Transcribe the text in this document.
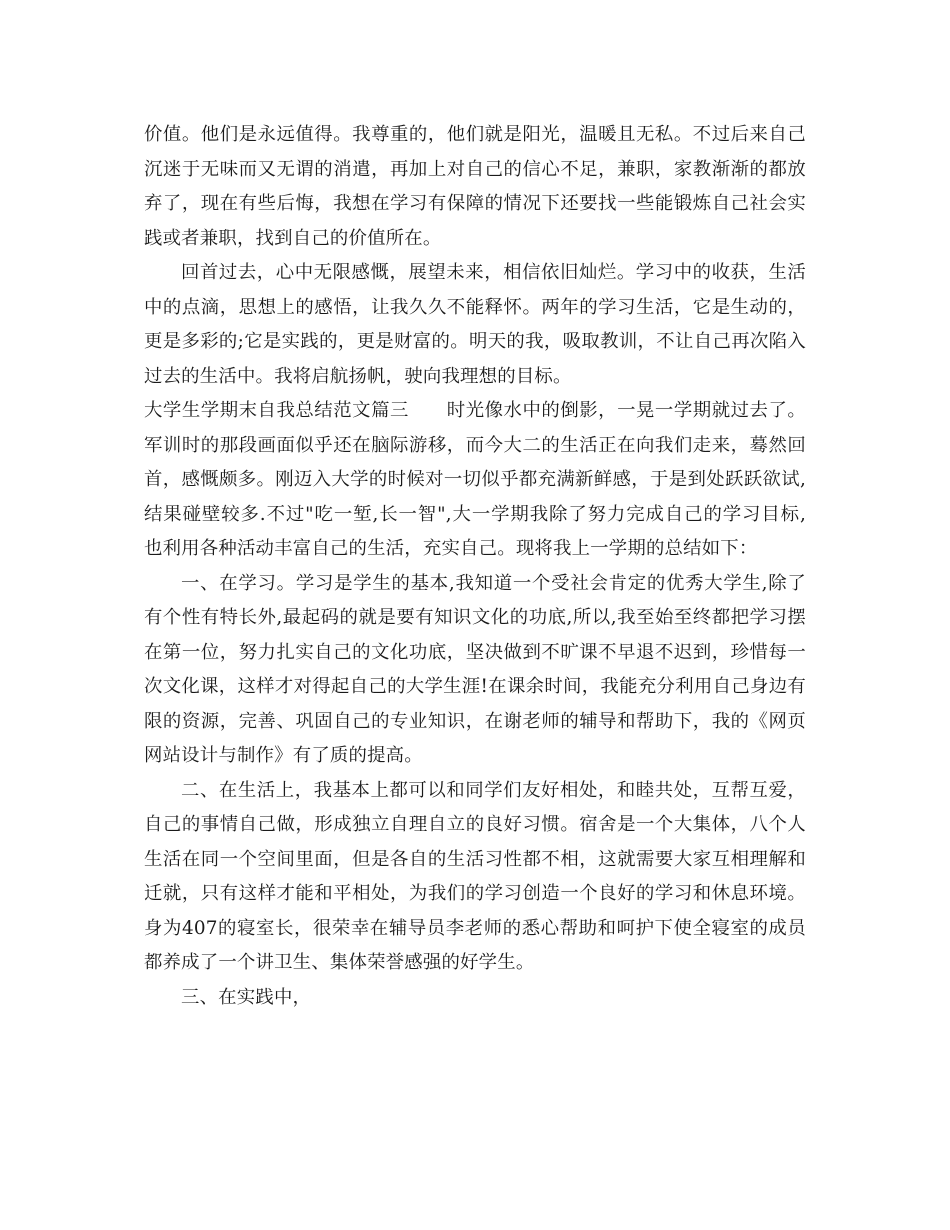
价值。他们是永远值得。我尊重的，他们就是阳光，温暖且无私。不过后来自己
沉迷于无味而又无谓的消遣，再加上对自己的信心不足，兼职，家教渐渐的都放
弃了，现在有些后悔，我想在学习有保障的情况下还要找一些能锻炼自己社会实
践或者兼职，找到自己的价值所在。
回首过去，心中无限感慨，展望未来，相信依旧灿烂。学习中的收获，生活
中的点滴，思想上的感悟，让我久久不能释怀。两年的学习生活，它是生动的，
更是多彩的;它是实践的，更是财富的。明天的我，吸取教训，不让自己再次陷入
过去的生活中。我将启航扬帆，驶向我理想的目标。
大学生学期末自我总结范文篇三　　时光像水中的倒影，一晃一学期就过去了。
军训时的那段画面似乎还在脑际游移，而今大二的生活正在向我们走来，蓦然回
首，感慨颇多。刚迈入大学的时候对一切似乎都充满新鲜感，于是到处跃跃欲试,
结果碰壁较多.不过"吃一堑,长一智",大一学期我除了努力完成自己的学习目标,
也利用各种活动丰富自己的生活，充实自己。现将我上一学期的总结如下：
一、在学习。学习是学生的基本,我知道一个受社会肯定的优秀大学生,除了
有个性有特长外,最起码的就是要有知识文化的功底,所以,我至始至终都把学习摆
在第一位，努力扎实自己的文化功底，坚决做到不旷课不早退不迟到，珍惜每一
次文化课，这样才对得起自己的大学生涯!在课余时间，我能充分利用自己身边有
限的资源，完善、巩固自己的专业知识，在谢老师的辅导和帮助下，我的《网页
网站设计与制作》有了质的提高。
二、在生活上，我基本上都可以和同学们友好相处，和睦共处，互帮互爱，
自己的事情自己做，形成独立自理自立的良好习惯。宿舍是一个大集体，八个人
生活在同一个空间里面，但是各自的生活习性都不相，这就需要大家互相理解和
迁就，只有这样才能和平相处，为我们的学习创造一个良好的学习和休息环境。
身为407的寝室长，很荣幸在辅导员李老师的悉心帮助和呵护下使全寝室的成员
都养成了一个讲卫生、集体荣誉感强的好学生。
三、在实践中，
